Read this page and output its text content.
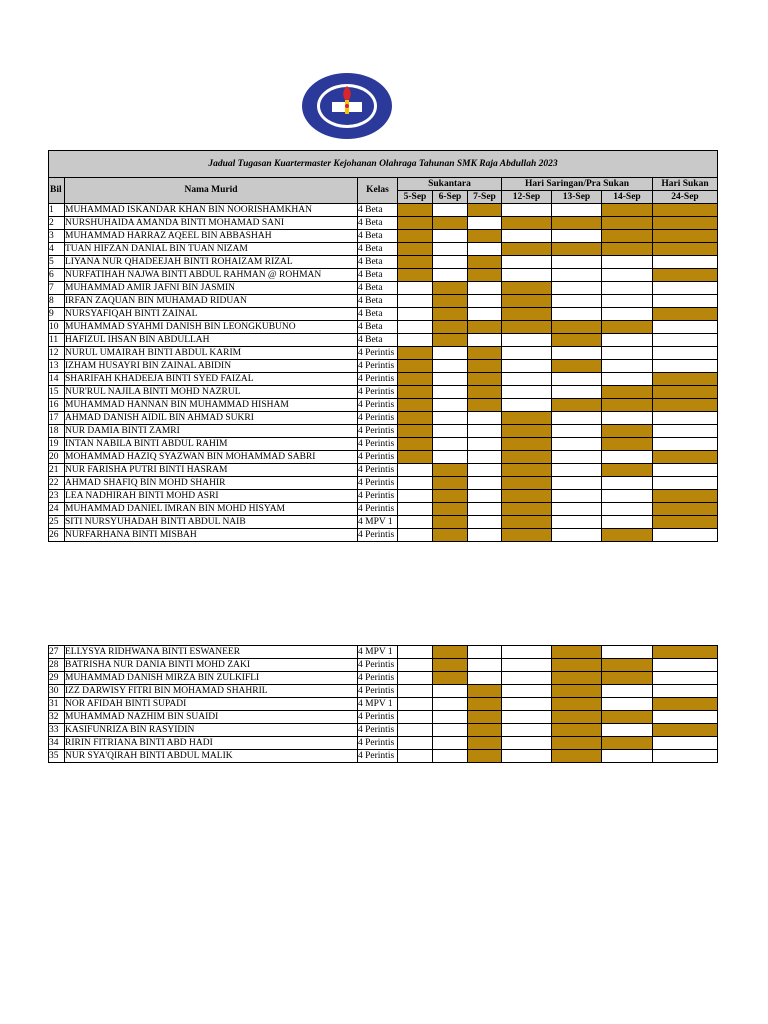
Jadual Tugasan Kuartermaster Kejohanan Olahraga Tahunan SMK Raja Abdullah 2023									
Bil	Nama Murid	Kelas	Sukantara			Hari Saringan/Pra Sukan			Hari Sukan
			5-Sep	6-Sep	7-Sep	12-Sep	13-Sep	14-Sep	24-Sep
1	MUHAMMAD ISKANDAR KHAN BIN NOORISHAMKHAN	4 Beta							
2	NURSHUHAIDA AMANDA BINTI MOHAMAD SANI	4 Beta							
3	MUHAMMAD HARRAZ AQEEL BIN ABBASHAH	4 Beta							
4	TUAN HIFZAN DANIAL BIN TUAN NIZAM	4 Beta							
5	LIYANA NUR QHADEEJAH BINTI ROHAIZAM RIZAL	4 Beta							
6	NURFATIHAH NAJWA BINTI ABDUL RAHMAN @ ROHMAN	4 Beta							
7	MUHAMMAD AMIR JAFNI BIN JASMIN	4 Beta							
8	IRFAN ZAQUAN BIN MUHAMAD RIDUAN	4 Beta							
9	NURSYAFIQAH BINTI ZAINAL	4 Beta							
10	MUHAMMAD SYAHMI DANISH BIN LEONGKUBUNO	4 Beta							
11	HAFIZUL IHSAN BIN ABDULLAH	4 Beta							
12	NURUL UMAIRAH BINTI ABDUL KARIM	4 Perintis							
13	IZHAM HUSAYRI BIN ZAINAL ABIDIN	4 Perintis							
14	SHARIFAH KHADEEJA BINTI SYED FAIZAL	4 Perintis							
15	NUR'RUL NAJILA BINTI MOHD NAZRUL	4 Perintis							
16	MUHAMMAD HANNAN BIN MUHAMMAD HISHAM	4 Perintis							
17	AHMAD DANISH AIDIL BIN AHMAD SUKRI	4 Perintis							
18	NUR DAMIA BINTI ZAMRI	4 Perintis							
19	INTAN NABILA BINTI ABDUL RAHIM	4 Perintis							
20	MOHAMMAD HAZIQ SYAZWAN BIN MOHAMMAD SABRI	4 Perintis							
21	NUR FARISHA PUTRI BINTI HASRAM	4 Perintis							
22	AHMAD SHAFIQ BIN MOHD SHAHIR	4 Perintis							
23	LEA NADHIRAH BINTI MOHD ASRI	4 Perintis							
24	MUHAMMAD DANIEL IMRAN BIN MOHD HISYAM	4 Perintis							
25	SITI NURSYUHADAH BINTI ABDUL NAIB	4 MPV 1							
26	NURFARHANA BINTI MISBAH	4 Perintis							
27	ELLYSYA RIDHWANA BINTI ESWANEER	4 MPV 1							
28	BATRISHA NUR DANIA BINTI MOHD ZAKI	4 Perintis							
29	MUHAMMAD DANISH MIRZA BIN ZULKIFLI	4 Perintis							
30	IZZ DARWISY FITRI BIN MOHAMAD SHAHRIL	4 Perintis							
31	NOR AFIDAH BINTI SUPADI	4 MPV 1							
32	MUHAMMAD NAZHIM BIN SUAIDI	4 Perintis							
33	KASIFUNRIZA BIN RASYIDIN	4 Perintis							
34	RIRIN FITRIANA BINTI ABD HADI	4 Perintis							
35	NUR SYA'QIRAH BINTI ABDUL MALIK	4 Perintis							
